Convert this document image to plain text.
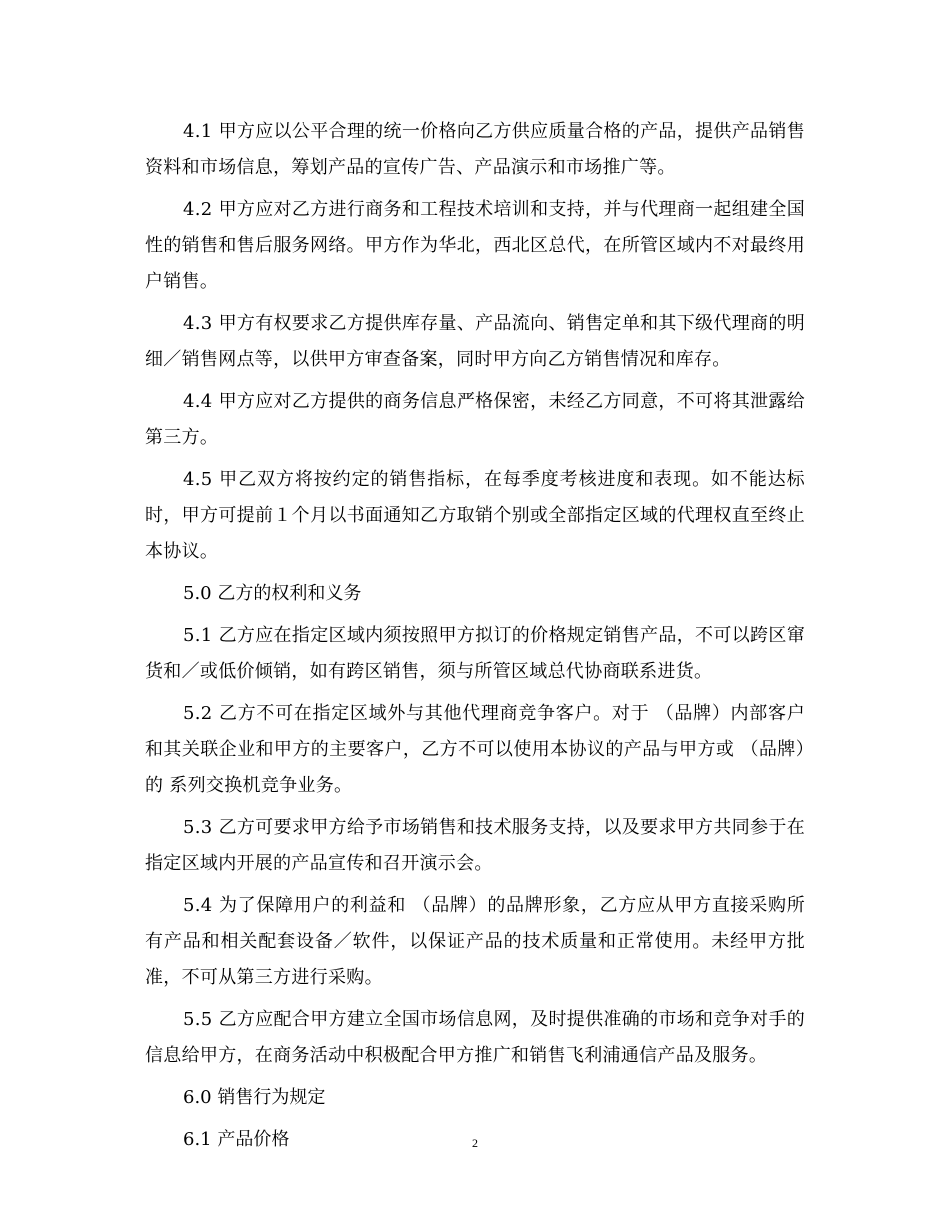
4.1 甲方应以公平合理的统一价格向乙方供应质量合格的产品，提供产品销售资料和市场信息，筹划产品的宣传广告、产品演示和市场推广等。

4.2 甲方应对乙方进行商务和工程技术培训和支持，并与代理商一起组建全国性的销售和售后服务网络。甲方作为华北，西北区总代，在所管区域内不对最终用户销售。

4.3 甲方有权要求乙方提供库存量、产品流向、销售定单和其下级代理商的明细／销售网点等，以供甲方审查备案，同时甲方向乙方销售情况和库存。

4.4 甲方应对乙方提供的商务信息严格保密，未经乙方同意，不可将其泄露给第三方。

4.5 甲乙双方将按约定的销售指标，在每季度考核进度和表现。如不能达标时，甲方可提前１个月以书面通知乙方取销个别或全部指定区域的代理权直至终止本协议。

5.0 乙方的权利和义务

5.1 乙方应在指定区域内须按照甲方拟订的价格规定销售产品，不可以跨区窜货和／或低价倾销，如有跨区销售，须与所管区域总代协商联系进货。

5.2 乙方不可在指定区域外与其他代理商竞争客户。对于 （品牌）内部客户和其关联企业和甲方的主要客户，乙方不可以使用本协议的产品与甲方或 （品牌）的 系列交换机竞争业务。

5.3 乙方可要求甲方给予市场销售和技术服务支持，以及要求甲方共同参于在指定区域内开展的产品宣传和召开演示会。

5.4 为了保障用户的利益和 （品牌）的品牌形象，乙方应从甲方直接采购所有产品和相关配套设备／软件，以保证产品的技术质量和正常使用。未经甲方批准，不可从第三方进行采购。

5.5 乙方应配合甲方建立全国市场信息网，及时提供准确的市场和竞争对手的信息给甲方，在商务活动中积极配合甲方推广和销售飞利浦通信产品及服务。

6.0 销售行为规定

6.1 产品价格	2
